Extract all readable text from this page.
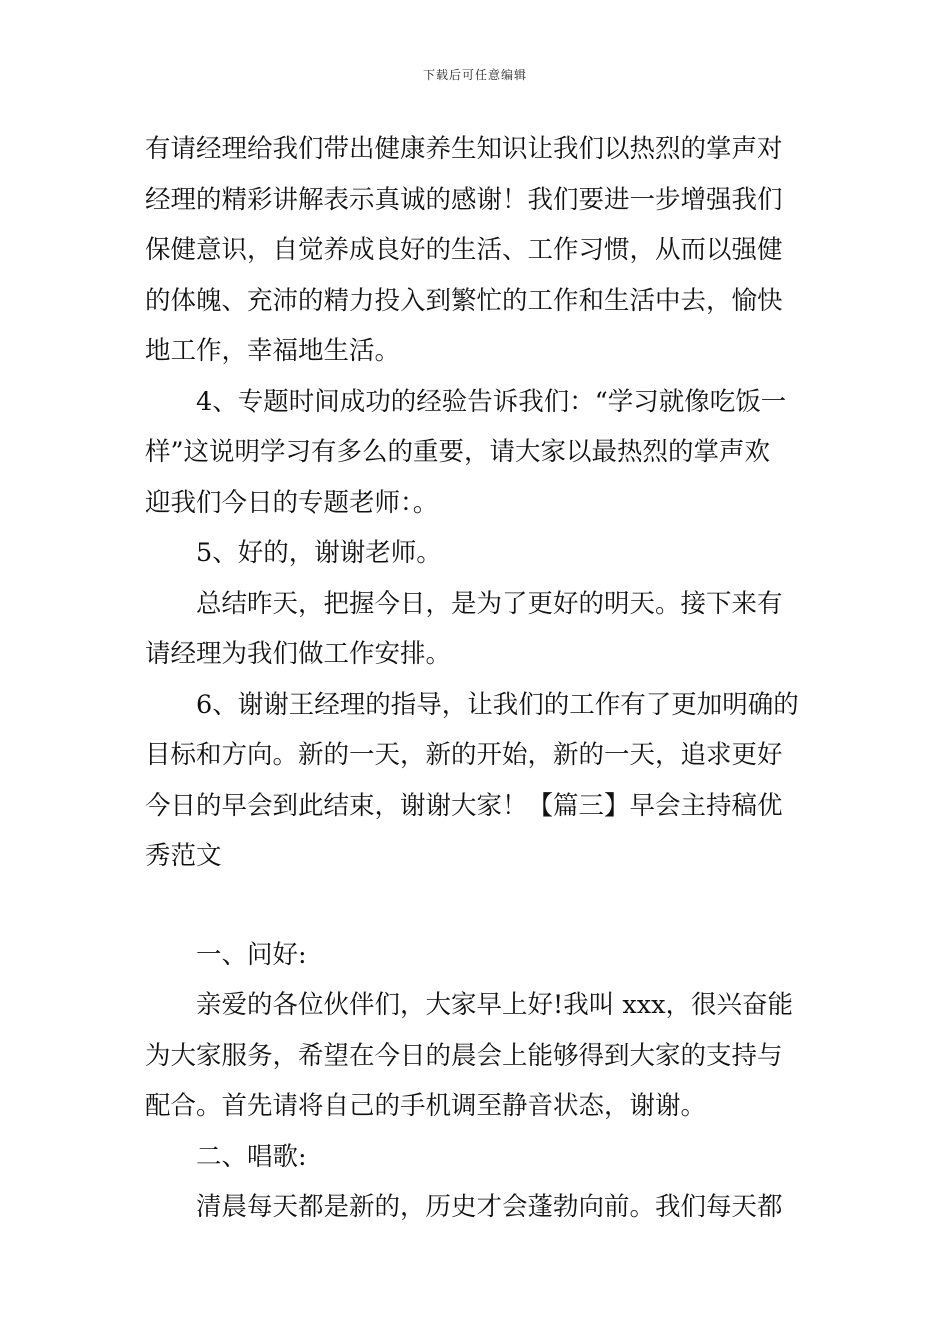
下载后可任意编辑
有请经理给我们带出健康养生知识让我们以热烈的掌声对
经理的精彩讲解表示真诚的感谢！我们要进一步增强我们
保健意识，自觉养成良好的生活、工作习惯，从而以强健
的体魄、充沛的精力投入到繁忙的工作和生活中去，愉快
地工作，幸福地生活。
4、专题时间成功的经验告诉我们：“学习就像吃饭一
样”这说明学习有多么的重要，请大家以最热烈的掌声欢
迎我们今日的专题老师：。
5、好的，谢谢老师。
总结昨天，把握今日，是为了更好的明天。接下来有
请经理为我们做工作安排。
6、谢谢王经理的指导，让我们的工作有了更加明确的
目标和方向。新的一天，新的开始，新的一天，追求更好
今日的早会到此结束，谢谢大家！【篇三】早会主持稿优
秀范文
一、问好:
亲爱的各位伙伴们，大家早上好!我叫 xxx，很兴奋能
为大家服务，希望在今日的晨会上能够得到大家的支持与
配合。首先请将自己的手机调至静音状态，谢谢。
二、唱歌:
清晨每天都是新的，历史才会蓬勃向前。我们每天都
